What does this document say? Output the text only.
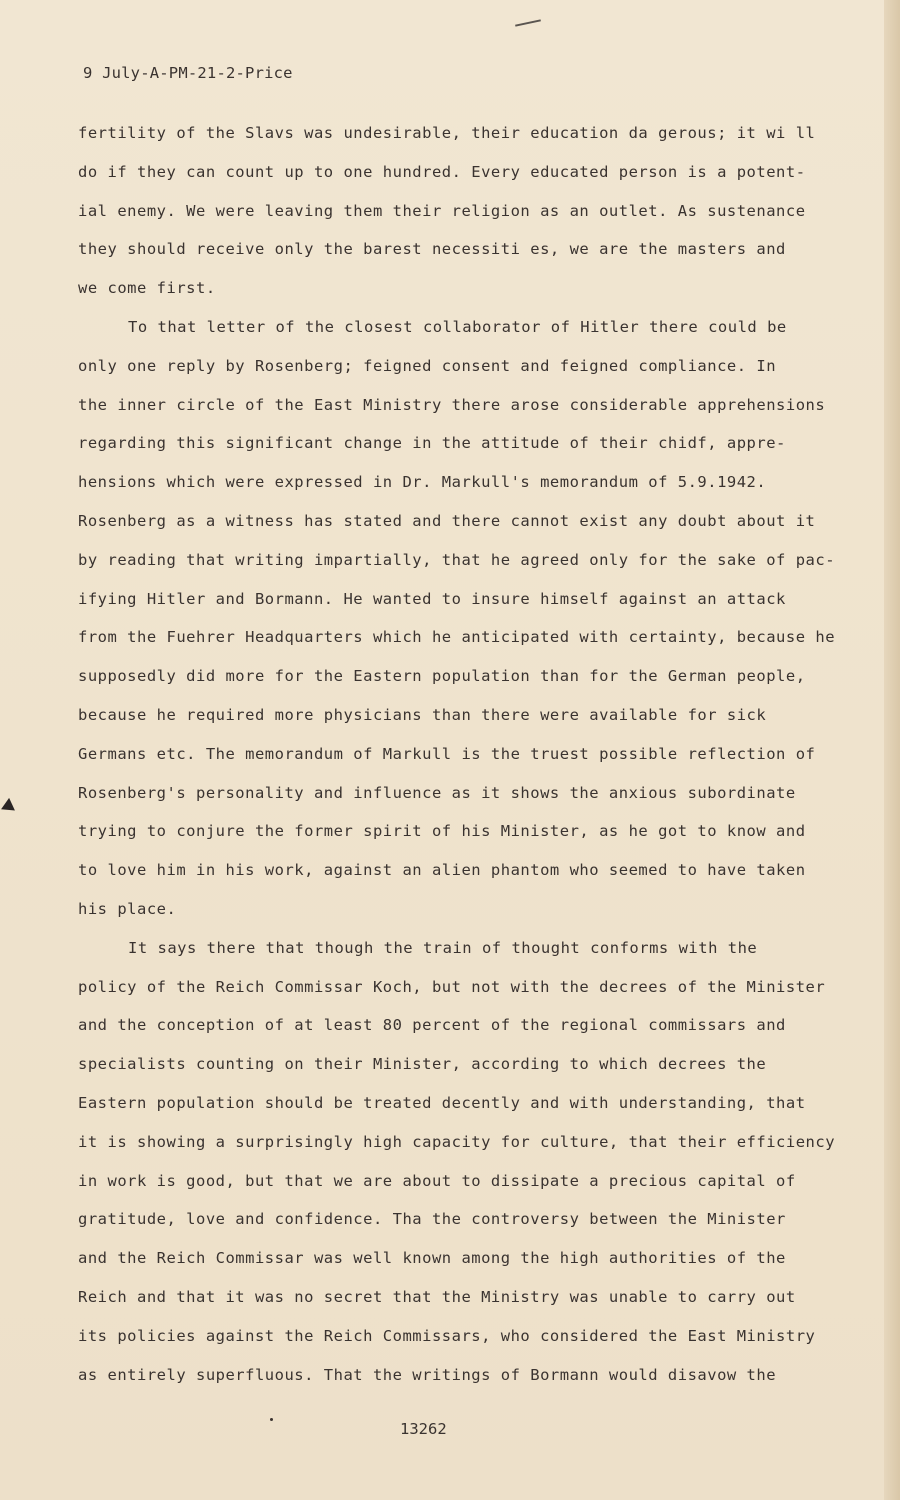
9 July-A-PM-21-2-Price
fertility of the Slavs was undesirable, their education da gerous; it wi ll
do if they can count up to one hundred. Every educated person is a potent-
ial enemy. We were leaving them their religion as an outlet. As sustenance
they should receive only the barest necessiti es, we are the masters and
we come first.
To that letter of the closest collaborator of Hitler there could be
only one reply by Rosenberg; feigned consent and feigned compliance. In
the inner circle of the East Ministry there arose considerable apprehensions
regarding this significant change in the attitude of their chidf, appre-
hensions which were expressed in Dr. Markull's memorandum of 5.9.1942.
Rosenberg as a witness has stated and there cannot exist any doubt about it
by reading that writing impartially, that he agreed only for the sake of pac-
ifying Hitler and Bormann. He wanted to insure himself against an attack
from the Fuehrer Headquarters which he anticipated with certainty, because he
supposedly did more for the Eastern population than for the German people,
because he required more physicians than there were available for sick
Germans etc. The memorandum of Markull is the truest possible reflection of
Rosenberg's personality and influence as it shows the anxious subordinate
trying to conjure the former spirit of his Minister, as he got to know and
to love him in his work, against an alien phantom who seemed to have taken
his place.
It says there that though the train of thought conforms with the
policy of the Reich Commissar Koch, but not with the decrees of the Minister
and the conception of at least 80 percent of the regional commissars and
specialists counting on their Minister, according to which decrees the
Eastern population should be treated decently and with understanding, that
it is showing a surprisingly high capacity for culture, that their efficiency
in work is good, but that we are about to dissipate a precious capital of
gratitude, love and confidence. Tha the controversy between the Minister
and the Reich Commissar was well known among the high authorities of the
Reich and that it was no secret that the Ministry was unable to carry out
its policies against the Reich Commissars, who considered the East Ministry
as entirely superfluous. That the writings of Bormann would disavow the
13262
